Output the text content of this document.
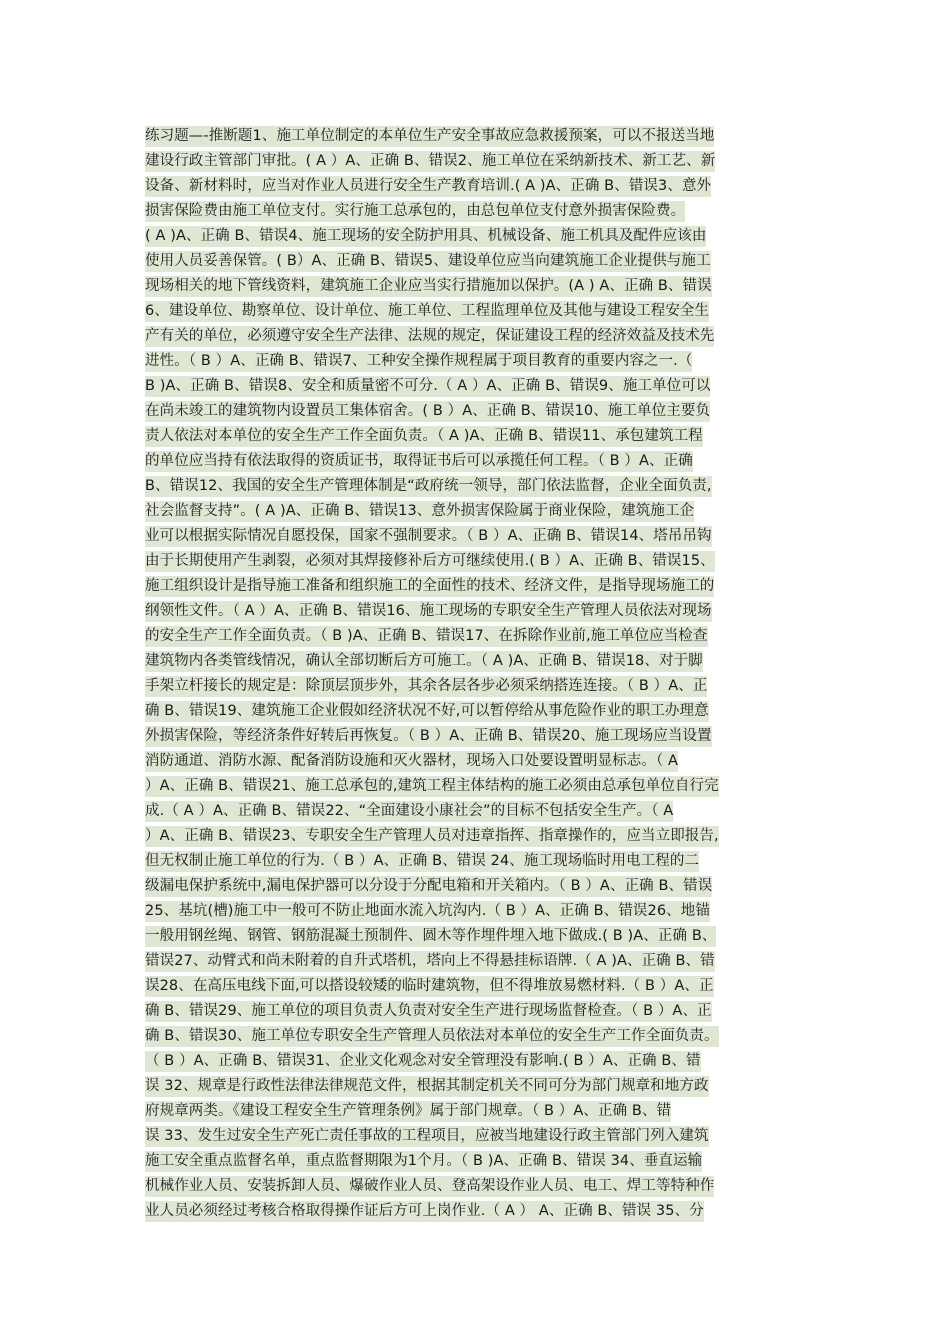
练习题—-推断题1、施工单位制定的本单位生产安全事故应急救援预案，可以不报送当地

建设行政主管部门审批。( A ）A、正确 B、错误2、施工单位在采纳新技术、新工艺、新

设备、新材料时，应当对作业人员进行安全生产教育培训.( A )A、正确 B、错误3、意外

损害保险费由施工单位支付。实行施工总承包的，由总包单位支付意外损害保险费。

( A )A、正确 B、错误4、施工现场的安全防护用具、机械设备、施工机具及配件应该由

使用人员妥善保管。( B）A、正确 B、错误5、建设单位应当向建筑施工企业提供与施工

现场相关的地下管线资料，建筑施工企业应当实行措施加以保护。(A ) A、正确 B、错误

6、建设单位、勘察单位、设计单位、施工单位、工程监理单位及其他与建设工程安全生

产有关的单位，必须遵守安全生产法律、法规的规定，保证建设工程的经济效益及技术先

进性。（ B ）A、正确 B、错误7、工种安全操作规程属于项目教育的重要内容之一.（

B )A、正确 B、错误8、安全和质量密不可分.（ A ）A、正确 B、错误9、施工单位可以

在尚未竣工的建筑物内设置员工集体宿舍。( B ）A、正确 B、错误10、施工单位主要负

责人依法对本单位的安全生产工作全面负责。（ A )A、正确 B、错误11、承包建筑工程

的单位应当持有依法取得的资质证书，取得证书后可以承揽任何工程。（ B ）A、正确

B、错误12、我国的安全生产管理体制是“政府统一领导，部门依法监督，企业全面负责,

社会监督支持”。( A )A、正确 B、错误13、意外损害保险属于商业保险，建筑施工企

业可以根据实际情况自愿投保，国家不强制要求。（ B ）A、正确 B、错误14、塔吊吊钩

由于长期使用产生剥裂，必须对其焊接修补后方可继续使用.( B ）A、正确 B、错误15、

施工组织设计是指导施工准备和组织施工的全面性的技术、经济文件，是指导现场施工的

纲领性文件。（ A ）A、正确 B、错误16、施工现场的专职安全生产管理人员依法对现场

的安全生产工作全面负责。（ B )A、正确 B、错误17、在拆除作业前,施工单位应当检查

建筑物内各类管线情况，确认全部切断后方可施工。（ A )A、正确 B、错误18、对于脚

手架立杆接长的规定是：除顶层顶步外，其余各层各步必须采纳搭连连接。（ B ）A、正

确 B、错误19、建筑施工企业假如经济状况不好,可以暂停给从事危险作业的职工办理意

外损害保险，等经济条件好转后再恢复。（ B ）A、正确 B、错误20、施工现场应当设置

消防通道、消防水源、配备消防设施和灭火器材，现场入口处要设置明显标志。（ A

）A、正确 B、错误21、施工总承包的,建筑工程主体结构的施工必须由总承包单位自行完

成.（ A ）A、正确 B、错误22、“全面建设小康社会”的目标不包括安全生产。（ A

）A、正确 B、错误23、专职安全生产管理人员对违章指挥、指章操作的，应当立即报告,

但无权制止施工单位的行为.（ B ）A、正确 B、错误 24、施工现场临时用电工程的二

级漏电保护系统中,漏电保护器可以分设于分配电箱和开关箱内。（ B ）A、正确 B、错误

25、基坑(槽)施工中一般可不防止地面水流入坑沟内.（ B ）A、正确 B、错误26、地锚

一般用钢丝绳、钢管、钢筋混凝土预制件、圆木等作埋件埋入地下做成.( B )A、正确 B、

错误27、动臂式和尚未附着的自升式塔机，塔向上不得悬挂标语牌.（ A )A、正确 B、错

误28、在高压电线下面,可以搭设较矮的临时建筑物，但不得堆放易燃材料.（ B ）A、正

确 B、错误29、施工单位的项目负责人负责对安全生产进行现场监督检查。（ B ）A、正

确 B、错误30、施工单位专职安全生产管理人员依法对本单位的安全生产工作全面负责。

（ B ）A、正确 B、错误31、企业文化观念对安全管理没有影响.( B ）A、正确 B、错

误 32、规章是行政性法律法律规范文件，根据其制定机关不同可分为部门规章和地方政

府规章两类。《建设工程安全生产管理条例》属于部门规章。（ B ）A、正确 B、错

误 33、发生过安全生产死亡责任事故的工程项目，应被当地建设行政主管部门列入建筑

施工安全重点监督名单，重点监督期限为1个月。（ B )A、正确 B、错误 34、垂直运输

机械作业人员、安装拆卸人员、爆破作业人员、登高架设作业人员、电工、焊工等特种作

业人员必须经过考核合格取得操作证后方可上岗作业.（ A ） A、正确 B、错误 35、分
